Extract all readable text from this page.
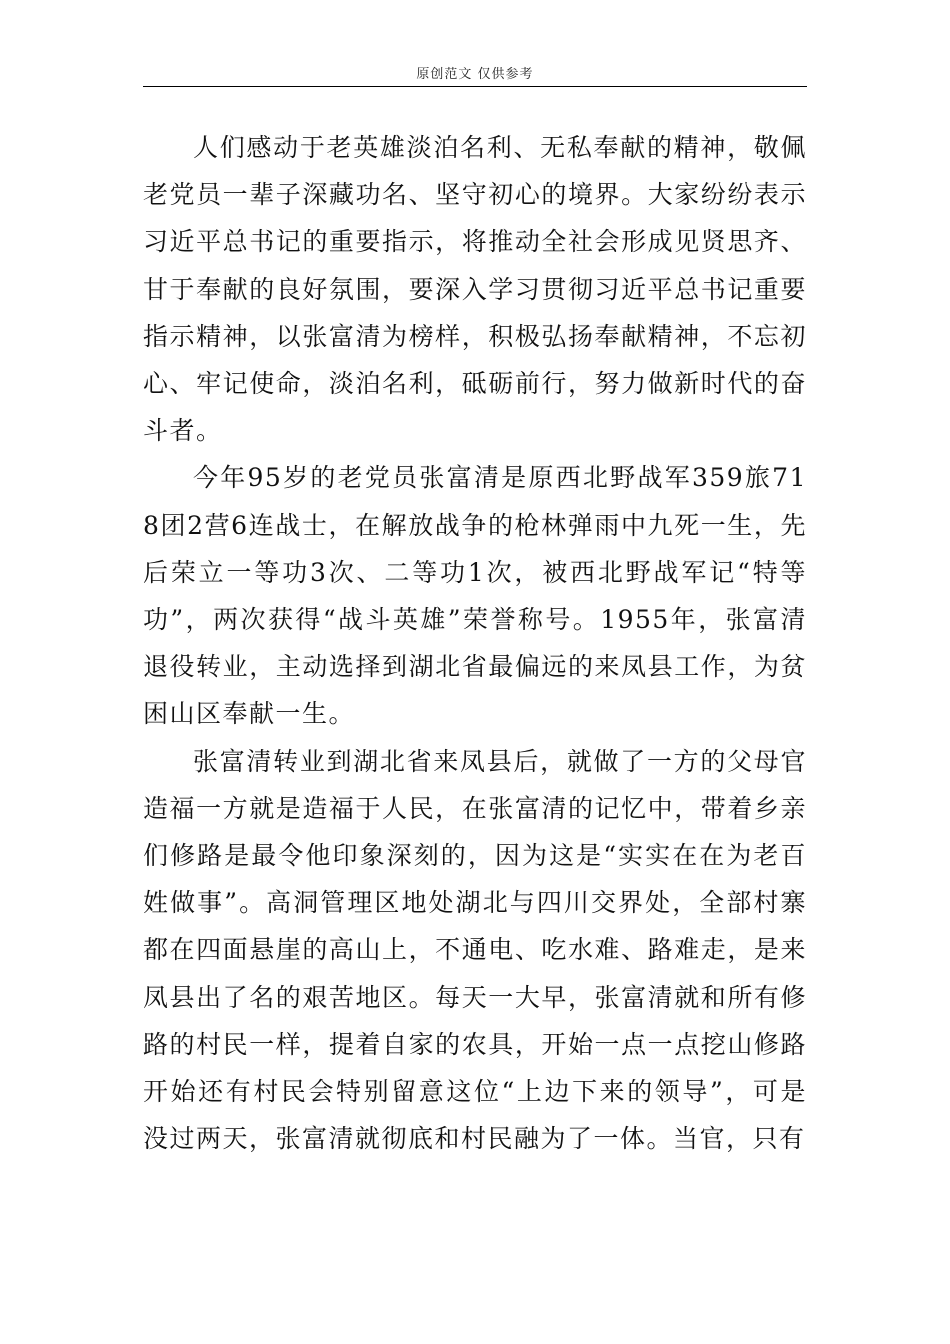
原创范文 仅供参考

人们感动于老英雄淡泊名利、无私奉献的精神，敬佩老党员一辈子深藏功名、坚守初心的境界。大家纷纷表示习近平总书记的重要指示，将推动全社会形成见贤思齐、甘于奉献的良好氛围，要深入学习贯彻习近平总书记重要指示精神，以张富清为榜样，积极弘扬奉献精神，不忘初心、牢记使命，淡泊名利，砥砺前行，努力做新时代的奋斗者。

今年95岁的老党员张富清是原西北野战军359旅718团2营6连战士，在解放战争的枪林弹雨中九死一生，先后荣立一等功3次、二等功1次，被西北野战军记“特等功”，两次获得“战斗英雄”荣誉称号。1955年，张富清退役转业，主动选择到湖北省最偏远的来凤县工作，为贫困山区奉献一生。

张富清转业到湖北省来凤县后，就做了一方的父母官造福一方就是造福于人民，在张富清的记忆中，带着乡亲们修路是最令他印象深刻的，因为这是“实实在在为老百姓做事”。高洞管理区地处湖北与四川交界处，全部村寨都在四面悬崖的高山上，不通电、吃水难、路难走，是来凤县出了名的艰苦地区。每天一大早，张富清就和所有修路的村民一样，提着自家的农具，开始一点一点挖山修路开始还有村民会特别留意这位“上边下来的领导”，可是没过两天，张富清就彻底和村民融为了一体。当官，只有
